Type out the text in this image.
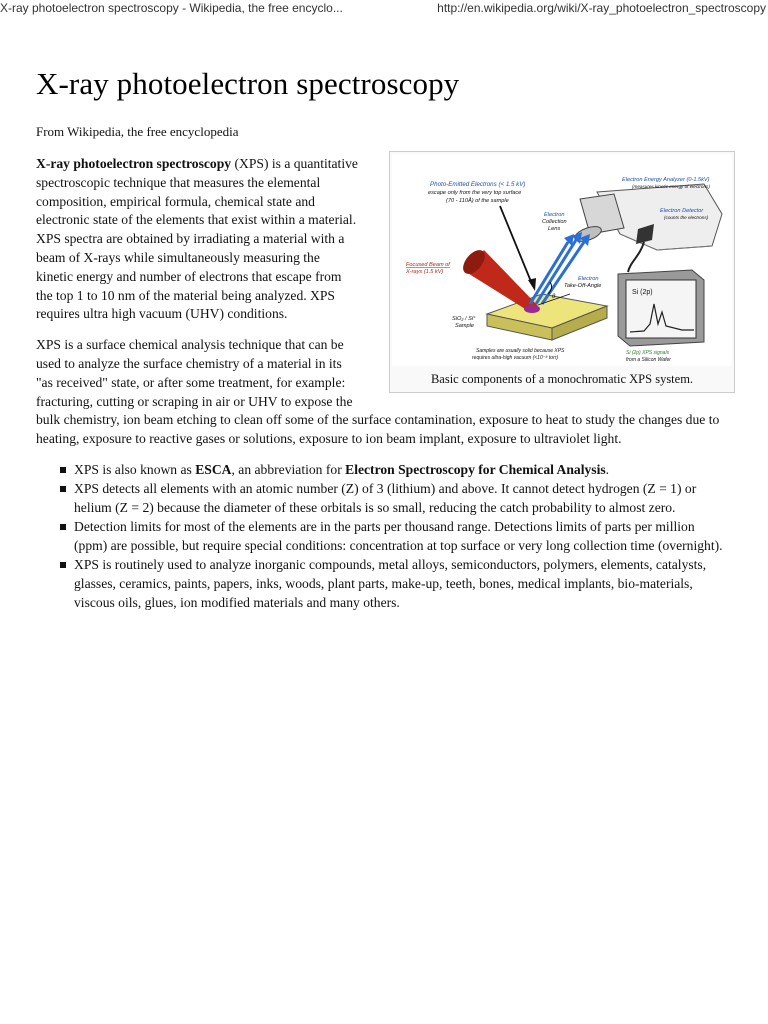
X-ray photoelectron spectroscopy - Wikipedia, the free encyclo...	http://en.wikipedia.org/wiki/X-ray_photoelectron_spectroscopy
X-ray photoelectron spectroscopy
From Wikipedia, the free encyclopedia
Photo-Emitted Electrons (< 1.5 kV)
escape only from the very top surface
(70 - 110Å) of the sample
Electron Energy Analyzer (0-1.5kV)
(measures kinetic energy of electrons)
Electron
Collection
Lens
Electron Detector
(counts the electrons)
Focused Beam of
X-rays (1.5 kV)
Electron
Take-Off-Angle
θ
SiO₂ / Si°
Sample
Si (2p)
Samples are usually solid because XPS
requires ultra-high vacuum (<10⁻⁸ torr)
Si (2p) XPS signals
from a Silicon Wafer
Basic components of a monochromatic XPS system.

X-ray photoelectron spectroscopy (XPS) is a quantitative spectroscopic technique that measures the elemental composition, empirical formula, chemical state and electronic state of the elements that exist within a material. XPS spectra are obtained by irradiating a material with a beam of X-rays while simultaneously measuring the kinetic energy and number of electrons that escape from the top 1 to 10 nm of the material being analyzed. XPS requires ultra high vacuum (UHV) conditions.

XPS is a surface chemical analysis technique that can be used to analyze the surface chemistry of a material in its "as received" state, or after some treatment, for example: fracturing, cutting or scraping in air or UHV to expose the bulk chemistry, ion beam etching to clean off some of the surface contamination, exposure to heat to study the changes due to heating, exposure to reactive gases or solutions, exposure to ion beam implant, exposure to ultraviolet light.

XPS is also known as ESCA, an abbreviation for Electron Spectroscopy for Chemical Analysis.
XPS detects all elements with an atomic number (Z) of 3 (lithium) and above. It cannot detect hydrogen (Z = 1) or helium (Z = 2) because the diameter of these orbitals is so small, reducing the catch probability to almost zero.
Detection limits for most of the elements are in the parts per thousand range. Detections limits of parts per million (ppm) are possible, but require special conditions: concentration at top surface or very long collection time (overnight).
XPS is routinely used to analyze inorganic compounds, metal alloys, semiconductors, polymers, elements, catalysts, glasses, ceramics, paints, papers, inks, woods, plant parts, make-up, teeth, bones, medical implants, bio-materials, viscous oils, glues, ion modified materials and many others.
